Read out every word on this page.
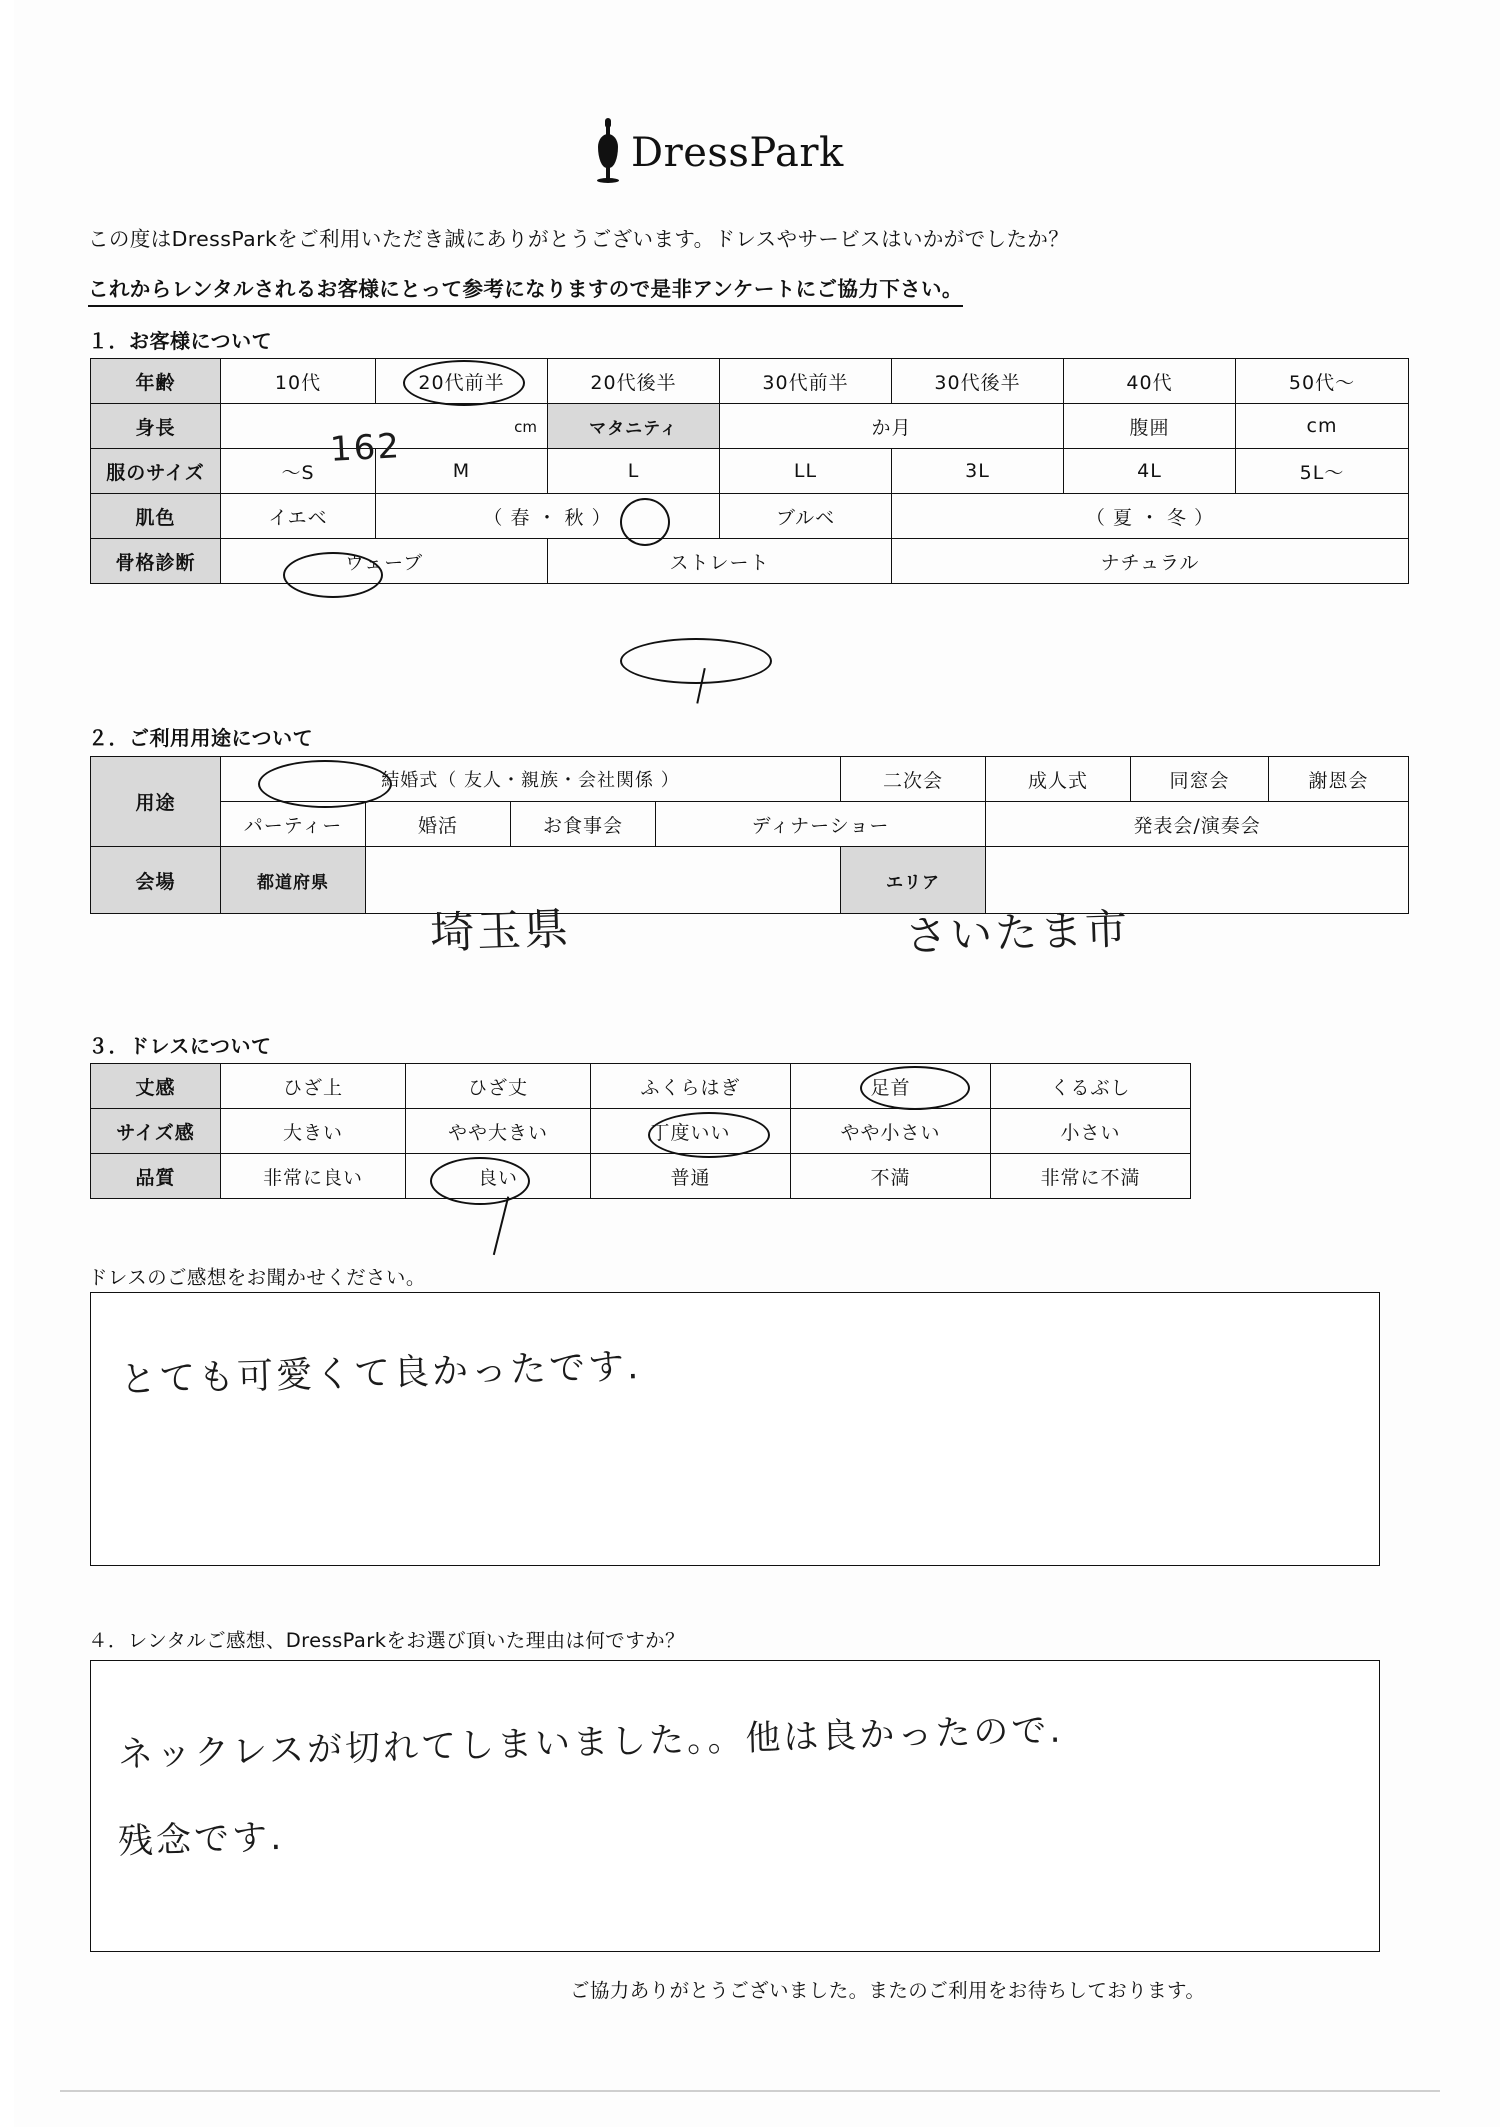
DressPark
この度はDressParkをご利用いただき誠にありがとうございます。ドレスやサービスはいかがでしたか？
これからレンタルされるお客様にとって参考になりますので是非アンケートにご協力下さい。
１．お客様について
年齢	10代	20代前半	20代後半	30代前半	30代後半	40代	50代〜
身長	cm		マタニティ	か月		腹囲	cm
服のサイズ	〜S	M	L	LL	3L	4L	5L〜
肌色	イエベ	（ 春 ・ 秋 ）		ブルベ	（ 夏 ・ 冬 ）		
骨格診断	ウェーブ		ストレート		ナチュラル		
162
２．ご利用用途について
用途	結婚式（ 友人・親族・会社関係 ）				二次会	成人式	同窓会	謝恩会
	パーティー	婚活	お食事会	ディナーショー		発表会/演奏会		
会場	都道府県				エリア			
埼玉県	さいたま市
３．ドレスについて
丈感	ひざ上	ひざ丈	ふくらはぎ	足首	くるぶし
サイズ感	大きい	やや大きい	丁度いい	やや小さい	小さい
品質	非常に良い	良い	普通	不満	非常に不満
ドレスのご感想をお聞かせください。
とても可愛くて良かったです.
４．レンタルご感想、DressParkをお選び頂いた理由は何ですか？
ネックレスが切れてしまいました。。他は良かったので.
残念です.
ご協力ありがとうございました。またのご利用をお待ちしております。
